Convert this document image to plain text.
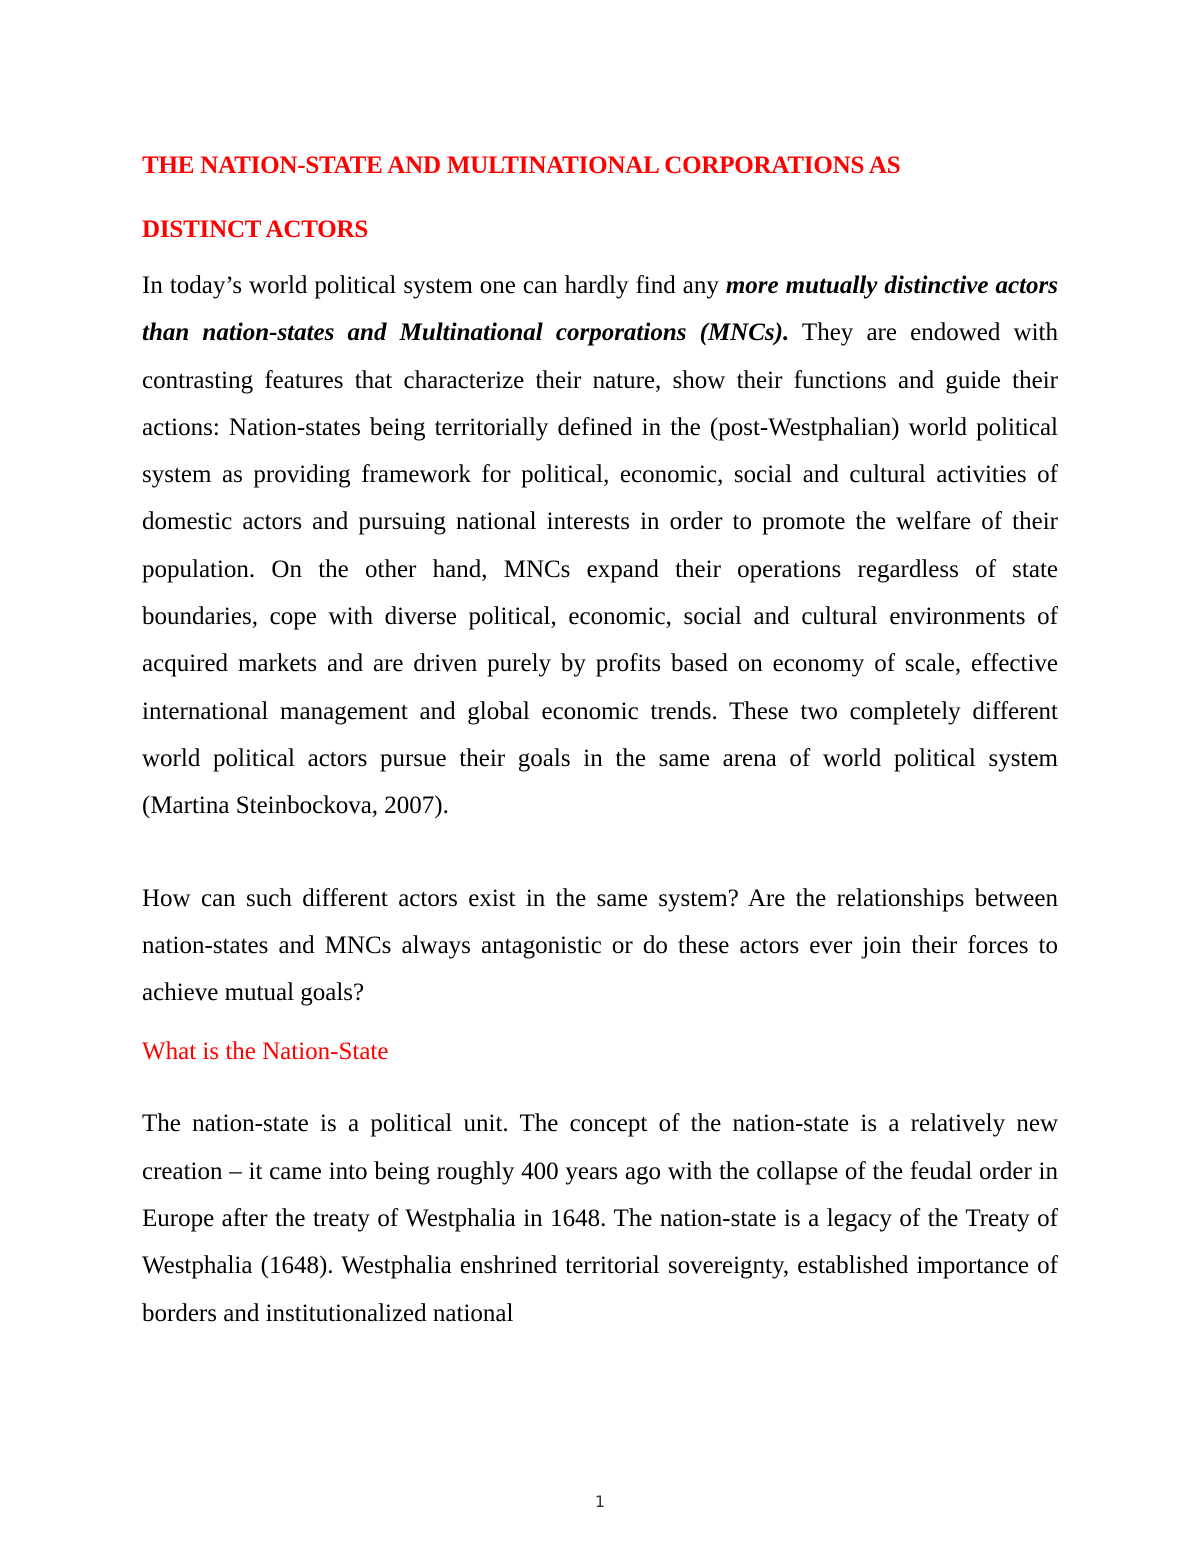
THE NATION-STATE AND MULTINATIONAL CORPORATIONS AS
DISTINCT ACTORS

In today’s world political system one can hardly find any more mutually distinctive actors than nation-states and Multinational corporations (MNCs). They are endowed with contrasting features that characterize their nature, show their functions and guide their actions: Nation-states being territorially defined in the (post-Westphalian) world political system as providing framework for political, economic, social and cultural activities of domestic actors and pursuing national interests in order to promote the welfare of their population. On the other hand, MNCs expand their operations regardless of state boundaries, cope with diverse political, economic, social and cultural environments of acquired markets and are driven purely by profits based on economy of scale, effective international management and global economic trends. These two completely different world political actors pursue their goals in the same arena of world political system (Martina Steinbockova, 2007).

How can such different actors exist in the same system? Are the relationships between nation-states and MNCs always antagonistic or do these actors ever join their forces to achieve mutual goals?

What is the Nation-State

The nation-state is a political unit. The concept of the nation-state is a relatively new creation – it came into being roughly 400 years ago with the collapse of the feudal order in Europe after the treaty of Westphalia in 1648. The nation-state is a legacy of the Treaty of Westphalia (1648). Westphalia enshrined territorial sovereignty, established importance of borders and institutionalized national

1
